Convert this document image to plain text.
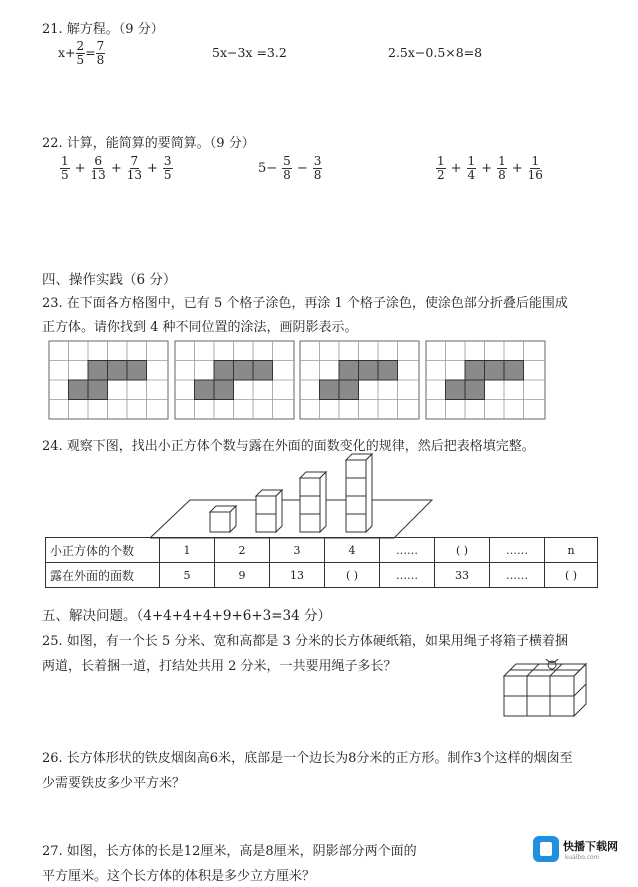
21. 解方程。（9 分）
$x+ \frac{2}{5} = \frac{7}{8}$	5x−3x =3.2	2.5x−0.5×8=8
22. 计算，能简算的要简算。（9 分）
$\frac{1}{5} + \frac{6}{13} + \frac{7}{13} + \frac{3}{5}$	$5- \frac{5}{8} - \frac{3}{8}$	$\frac{1}{2} + \frac{1}{4} + \frac{1}{8} + \frac{1}{16}$
四、操作实践（6 分）
23. 在下面各方格图中，已有 5 个格子涂色，再涂 1 个格子涂色，使涂色部分折叠后能围成
正方体。请你找到 4 种不同位置的涂法，画阴影表示。
24. 观察下图，找出小正方体个数与露在外面的面数变化的规律，然后把表格填完整。
小正方体的个数	1	2	3	4	……	( )	……	n
露在外面的面数	5	9	13	( )	……	33	……	( )
五、解决问题。（4+4+4+4+9+6+3=34 分）
25. 如图，有一个长 5 分米、宽和高都是 3 分米的长方体硬纸箱，如果用绳子将箱子横着捆
两道，长着捆一道，打结处共用 2 分米，一共要用绳子多长？
26. 长方体形状的铁皮烟囱高6米，底部是一个边长为8分米的正方形。制作3个这样的烟囱至
少需要铁皮多少平方米？
27. 如图，长方体的长是12厘米，高是8厘米，阴影部分两个面的
平方厘米。这个长方体的体积是多少立方厘米？
快播下载网
kuaibo.com
